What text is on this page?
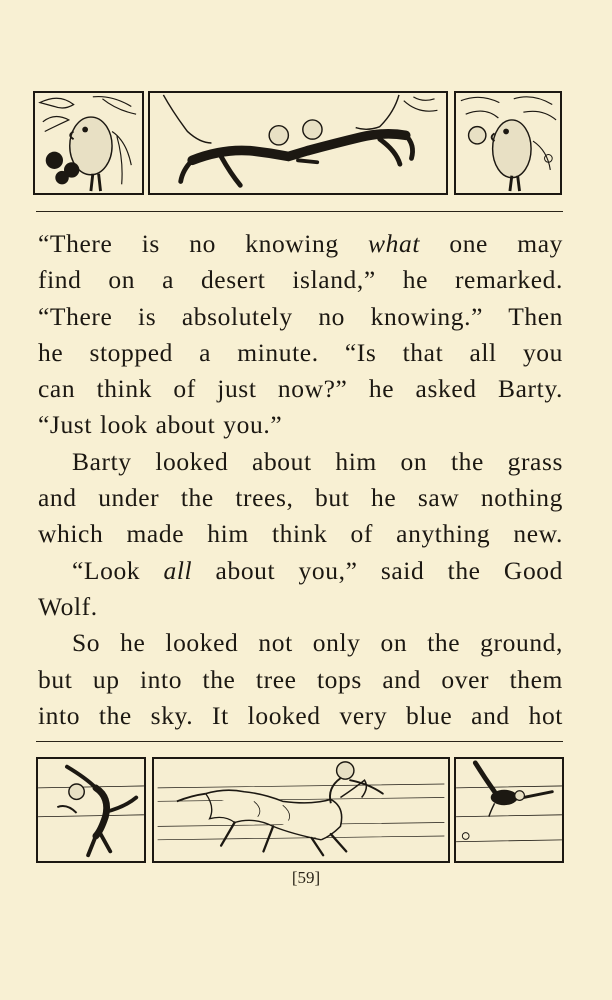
“There is no knowing what one may
find on a desert island,” he remarked.
“There is absolutely no knowing.” Then
he stopped a minute. “Is that all you
can think of just now?” he asked Barty.
“Just look about you.”
Barty looked about him on the grass
and under the trees, but he saw nothing
which made him think of anything new.
“Look all about you,” said the Good
Wolf.
So he looked not only on the ground,
but up into the tree tops and over them
into the sky. It looked very blue and hot
[59]
